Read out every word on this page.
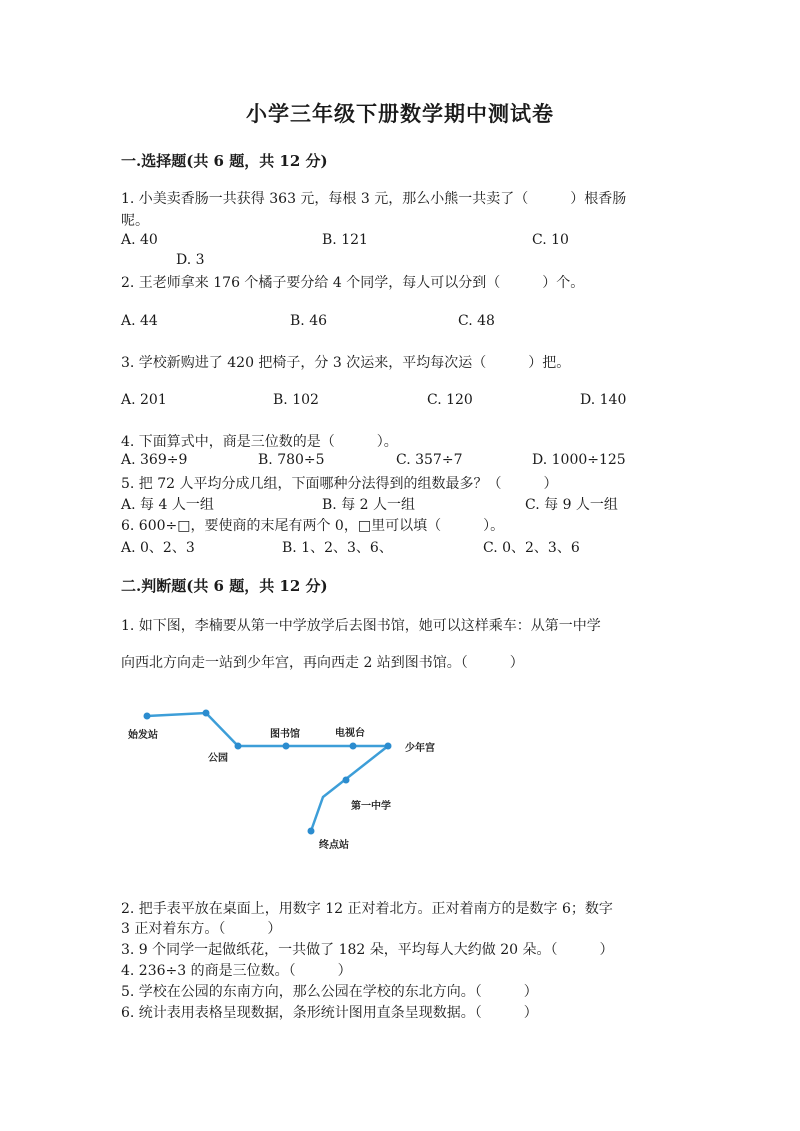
小学三年级下册数学期中测试卷
一.选择题(共 6 题，共 12 分)
1. 小美卖香肠一共获得 363 元，每根 3 元，那么小熊一共卖了（　　　）根香肠
呢。
A. 40	B. 121	C. 10
D. 3
2. 王老师拿来 176 个橘子要分给 4 个同学，每人可以分到（　　　）个。
A. 44	B. 46	C. 48
3. 学校新购进了 420 把椅子，分 3 次运来，平均每次运（　　　）把。
A. 201	B. 102	C. 120	D. 140
4. 下面算式中，商是三位数的是（　　　）。
A. 369÷9	B. 780÷5	C. 357÷7	D. 1000÷125
5. 把 72 人平均分成几组，下面哪种分法得到的组数最多？（　　　）
A. 每 4 人一组	B. 每 2 人一组	C. 每 9 人一组
6. 600÷□，要使商的末尾有两个 0，□里可以填（　　　）。
A. 0、2、3	B. 1、2、3、6、	C. 0、2、3、6
二.判断题(共 6 题，共 12 分)
1. 如下图，李楠要从第一中学放学后去图书馆，她可以这样乘车：从第一中学
向西北方向走一站到少年宫，再向西走 2 站到图书馆。（　　　）
始发站
公园
图书馆	电视台
少年宫
第一中学
终点站
2. 把手表平放在桌面上，用数字 12 正对着北方。正对着南方的是数字 6；数字
3 正对着东方。（　　　）
3. 9 个同学一起做纸花，一共做了 182 朵，平均每人大约做 20 朵。（　　　）
4. 236÷3 的商是三位数。（　　　）
5. 学校在公园的东南方向，那么公园在学校的东北方向。（　　　）
6. 统计表用表格呈现数据，条形统计图用直条呈现数据。（　　　）
